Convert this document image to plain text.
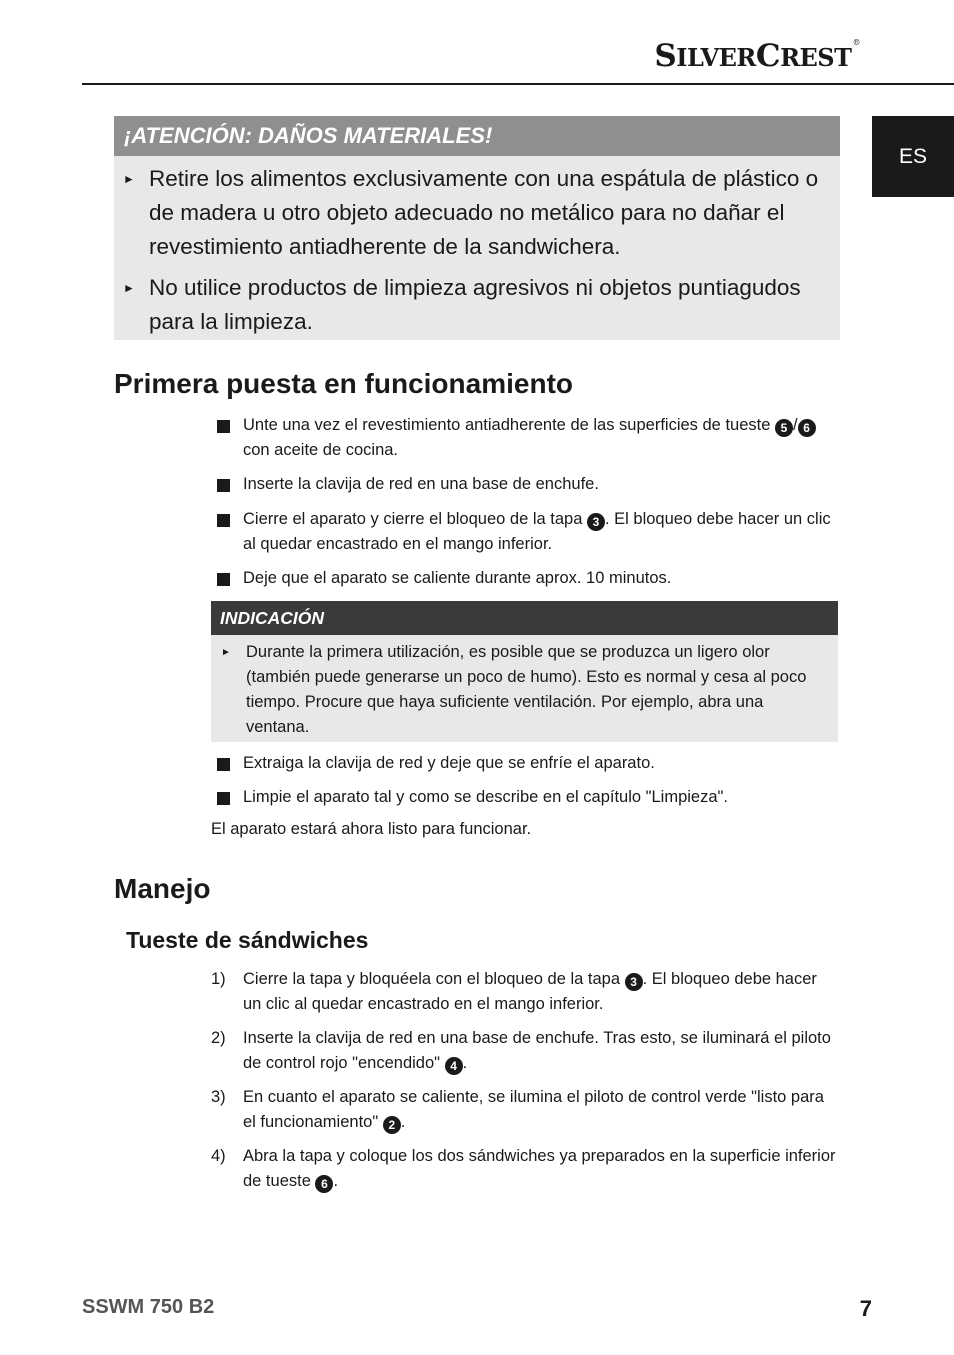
SILVERCREST®
ES
¡ATENCIÓN: DAÑOS MATERIALES!
► Retire los alimentos exclusivamente con una espátula de plástico o de madera u otro objeto adecuado no metálico para no dañar el revestimiento antiadherente de la sandwichera.
► No utilice productos de limpieza agresivos ni objetos puntiagudos para la limpieza.
Primera puesta en funcionamiento
Unte una vez el revestimiento antiadherente de las superficies de tueste 5 / 6 con aceite de cocina.
Inserte la clavija de red en una base de enchufe.
Cierre el aparato y cierre el bloqueo de la tapa 3 . El bloqueo debe hacer un clic al quedar encastrado en el mango inferior.
Deje que el aparato se caliente durante aprox. 10 minutos.
INDICACIÓN
► Durante la primera utilización, es posible que se produzca un ligero olor (también puede generarse un poco de humo). Esto es normal y cesa al poco tiempo. Procure que haya suficiente ventilación. Por ejemplo, abra una ventana.
Extraiga la clavija de red y deje que se enfríe el aparato.
Limpie el aparato tal y como se describe en el capítulo "Limpieza".
El aparato estará ahora listo para funcionar.
Manejo
Tueste de sándwiches
1) Cierre la tapa y bloquéela con el bloqueo de la tapa 3 . El bloqueo debe hacer un clic al quedar encastrado en el mango inferior.
2) Inserte la clavija de red en una base de enchufe. Tras esto, se iluminará el piloto de control rojo "encendido" 4 .
3) En cuanto el aparato se caliente, se ilumina el piloto de control verde "listo para el funcionamiento" 2 .
4) Abra la tapa y coloque los dos sándwiches ya preparados en la superficie inferior de tueste 6 .
SSWM 750 B2	7
